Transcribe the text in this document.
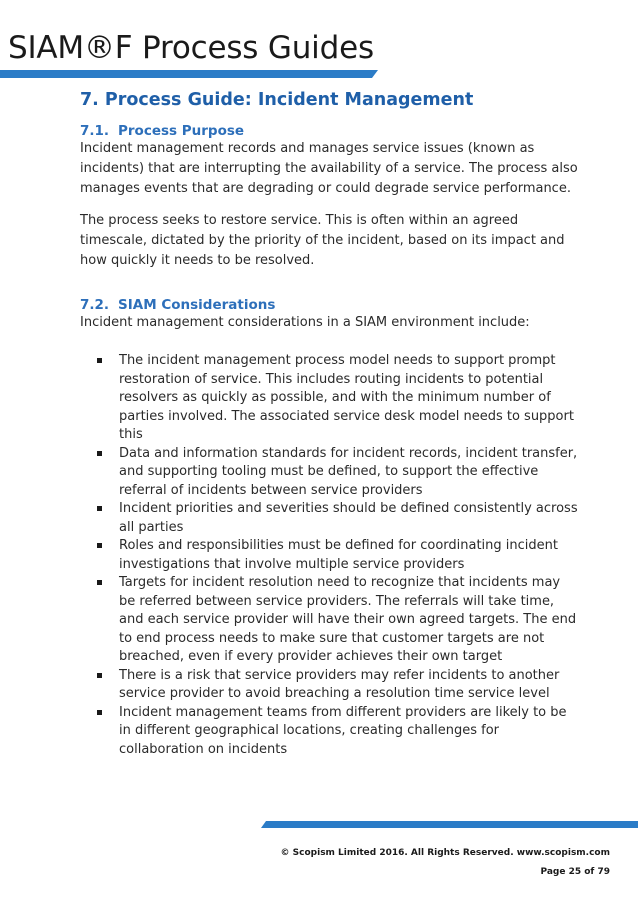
SIAM®F Process Guides
7. Process Guide: Incident Management
7.1. Process Purpose

Incident management records and manages service issues (known as incidents) that are interrupting the availability of a service. The process also manages events that are degrading or could degrade service performance.

The process seeks to restore service. This is often within an agreed timescale, dictated by the priority of the incident, based on its impact and how quickly it needs to be resolved.

7.2. SIAM Considerations

Incident management considerations in a SIAM environment include:

The incident management process model needs to support prompt restoration of service. This includes routing incidents to potential resolvers as quickly as possible, and with the minimum number of parties involved. The associated service desk model needs to support this
Data and information standards for incident records, incident transfer, and supporting tooling must be defined, to support the effective referral of incidents between service providers
Incident priorities and severities should be defined consistently across all parties
Roles and responsibilities must be defined for coordinating incident investigations that involve multiple service providers
Targets for incident resolution need to recognize that incidents may be referred between service providers. The referrals will take time, and each service provider will have their own agreed targets. The end to end process needs to make sure that customer targets are not breached, even if every provider achieves their own target
There is a risk that service providers may refer incidents to another service provider to avoid breaching a resolution time service level
Incident management teams from different providers are likely to be in different geographical locations, creating challenges for collaboration on incidents
© Scopism Limited 2016. All Rights Reserved. www.scopism.com
Page 25 of 79
